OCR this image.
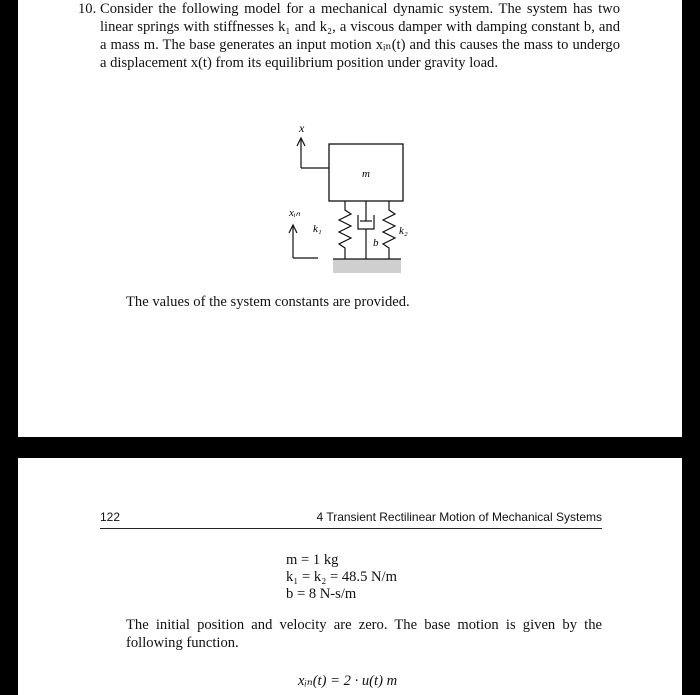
10. Consider the following model for a mechanical dynamic system. The system has two linear springs with stiffnesses k₁ and k₂, a viscous damper with damping constant b, and a mass m. The base generates an input motion xᵢₙ(t) and this causes the mass to undergo a displacement x(t) from its equilibrium position under gravity load.

x
m
xᵢₙ
k₁
b
k₂
The values of the system constants are provided.
122	4 Transient Rectilinear Motion of Mechanical Systems
m = 1 kg
k₁ = k₂ = 48.5 N/m
b = 8 N-s/m
The initial position and velocity are zero. The base motion is given by the following function.
xᵢₙ(t) = 2 · u(t) m
